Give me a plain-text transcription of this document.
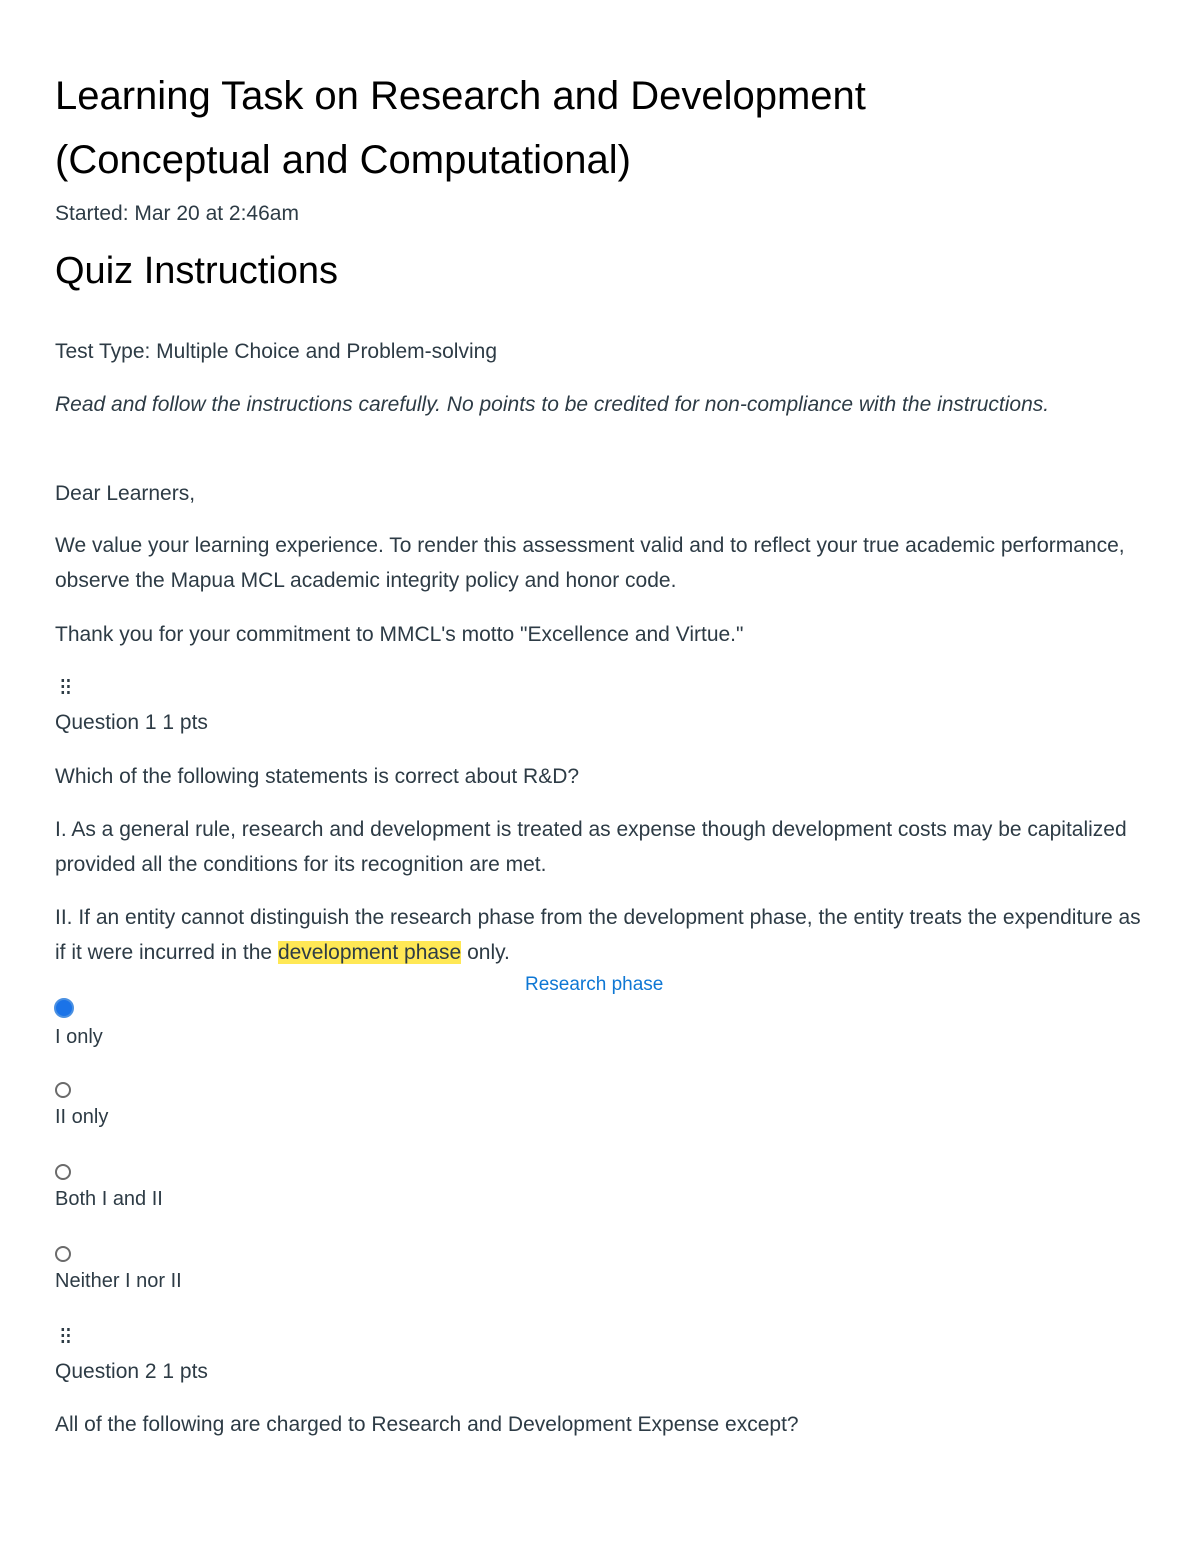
Learning Task on Research and Development
(Conceptual and Computational)
Started: Mar 20 at 2:46am
Quiz Instructions

Test Type: Multiple Choice and Problem-solving

Read and follow the instructions carefully. No points to be credited for non-compliance with the instructions.

Dear Learners,

We value your learning experience. To render this assessment valid and to reflect your true academic performance, observe the Mapua MCL academic integrity policy and honor code.

Thank you for your commitment to MMCL's motto "Excellence and Virtue."

⁝⁝
Question 1 1 pts

Which of the following statements is correct about R&D?

I. As a general rule, research and development is treated as expense though development costs may be capitalized provided all the conditions for its recognition are met.

II. If an entity cannot distinguish the research phase from the development phase, the entity treats the expenditure as if it were incurred in the development phase only.

Research phase
I only
II only
Both I and II
Neither I nor II
⁝⁝
Question 2 1 pts

All of the following are charged to Research and Development Expense except?
